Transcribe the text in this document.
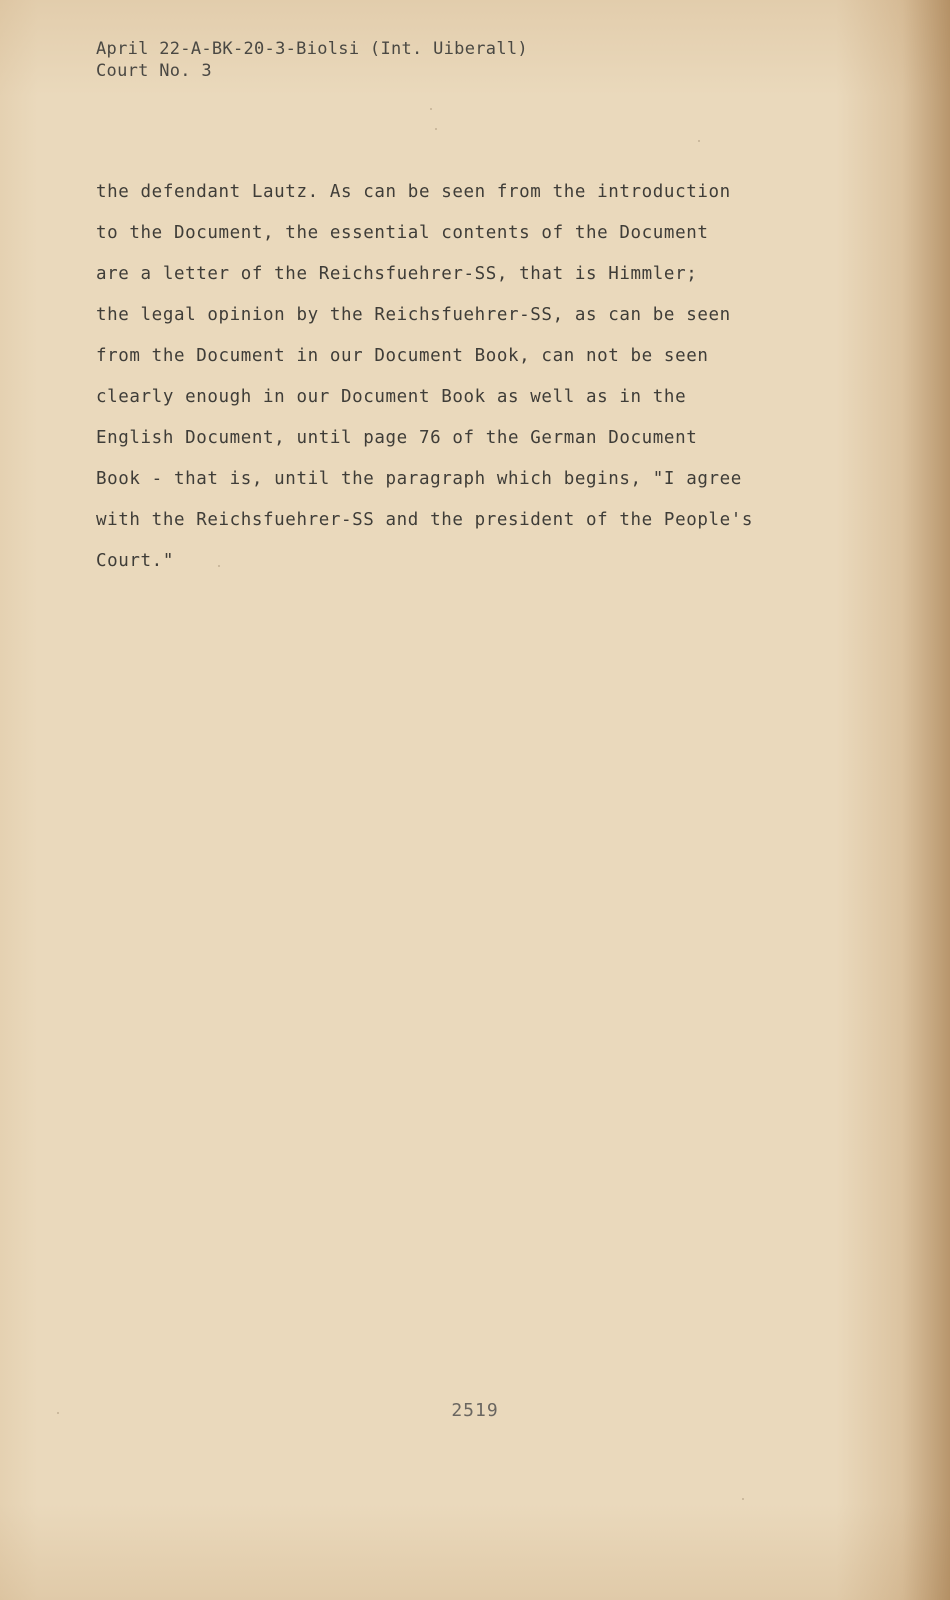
April 22-A-BK-20-3-Biolsi (Int. Uiberall)
Court No. 3
the defendant Lautz. As can be seen from the introduction
to the Document, the essential contents of the Document
are a letter of the Reichsfuehrer-SS, that is Himmler;
the legal opinion by the Reichsfuehrer-SS, as can be seen
from the Document in our Document Book, can not be seen
clearly enough in our Document Book as well as in the
English Document, until page 76 of the German Document
Book - that is, until the paragraph which begins, "I agree
with the Reichsfuehrer-SS and the president of the People's
Court."
2519
